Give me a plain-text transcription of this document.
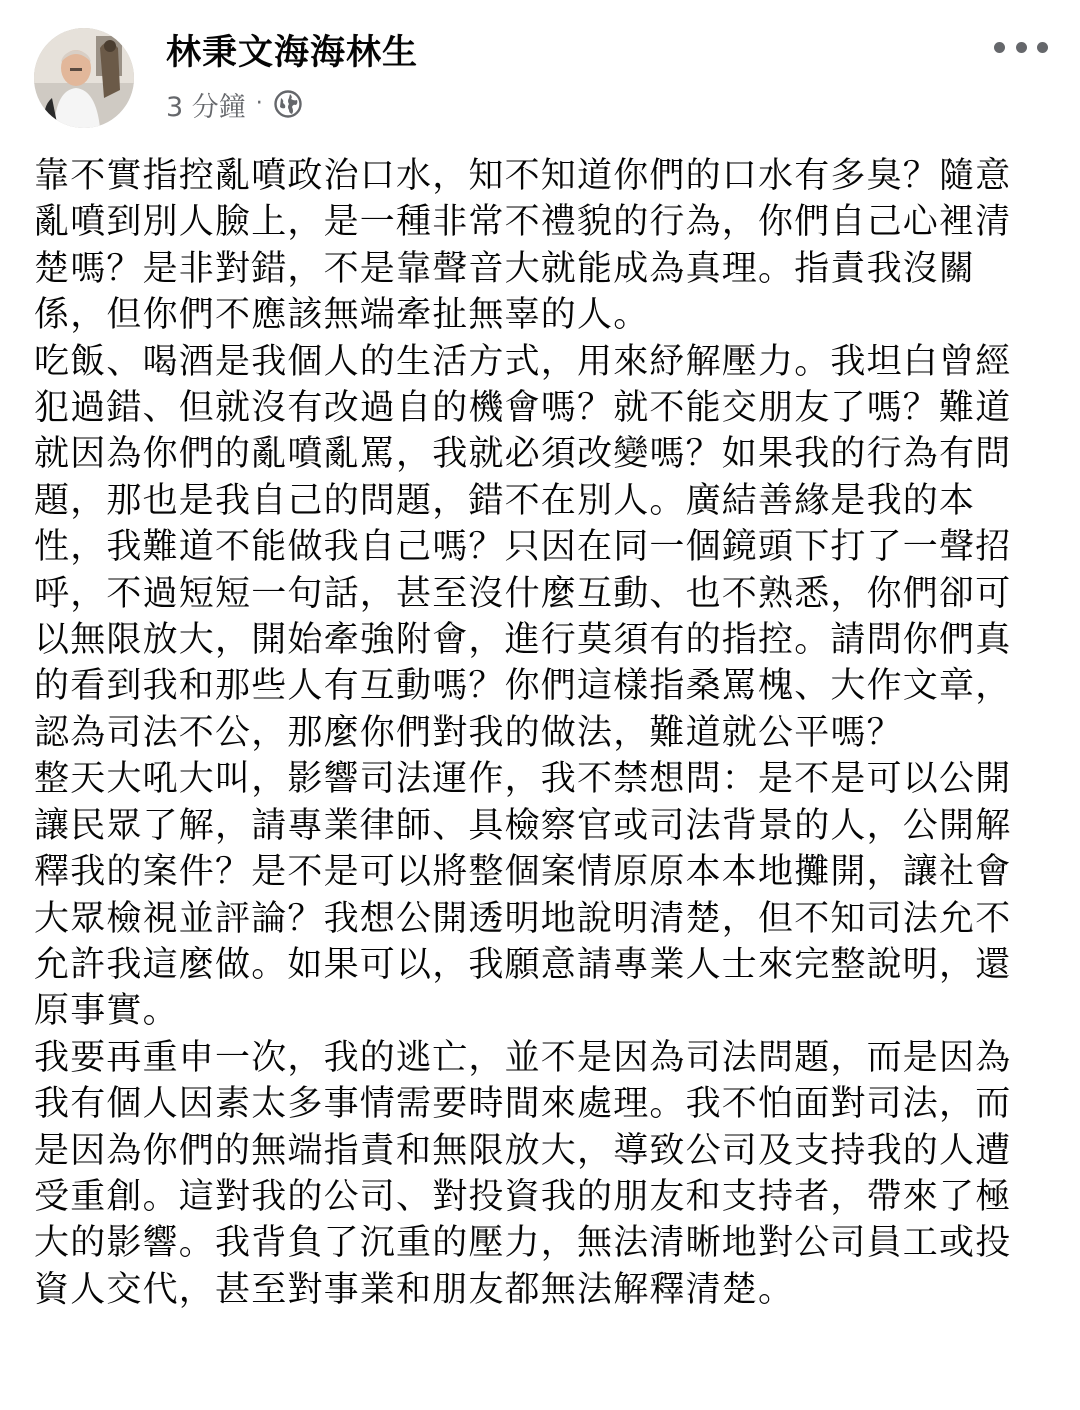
林秉文海海林生
3 分鐘 ·

靠不實指控亂噴政治口水，知不知道你們的口水有多臭？隨意亂噴到別人臉上，是一種非常不禮貌的行為，你們自己心裡清楚嗎？是非對錯，不是靠聲音大就能成為真理。指責我沒關係，但你們不應該無端牽扯無辜的人。

吃飯、喝酒是我個人的生活方式，用來紓解壓力。我坦白曾經犯過錯、但就沒有改過自的機會嗎？就不能交朋友了嗎？難道就因為你們的亂噴亂罵，我就必須改變嗎？如果我的行為有問題，那也是我自己的問題，錯不在別人。廣結善緣是我的本性，我難道不能做我自己嗎？只因在同一個鏡頭下打了一聲招呼，不過短短一句話，甚至沒什麼互動、也不熟悉，你們卻可以無限放大，開始牽強附會，進行莫須有的指控。請問你們真的看到我和那些人有互動嗎？你們這樣指桑罵槐、大作文章，認為司法不公，那麼你們對我的做法，難道就公平嗎？

整天大吼大叫，影響司法運作，我不禁想問：是不是可以公開讓民眾了解，請專業律師、具檢察官或司法背景的人，公開解釋我的案件？是不是可以將整個案情原原本本地攤開，讓社會大眾檢視並評論？我想公開透明地說明清楚，但不知司法允不允許我這麼做。如果可以，我願意請專業人士來完整說明，還原事實。

我要再重申一次，我的逃亡，並不是因為司法問題，而是因為我有個人因素太多事情需要時間來處理。我不怕面對司法，而是因為你們的無端指責和無限放大，導致公司及支持我的人遭受重創。這對我的公司、對投資我的朋友和支持者，帶來了極大的影響。我背負了沉重的壓力，無法清晰地對公司員工或投資人交代，甚至對事業和朋友都無法解釋清楚。
